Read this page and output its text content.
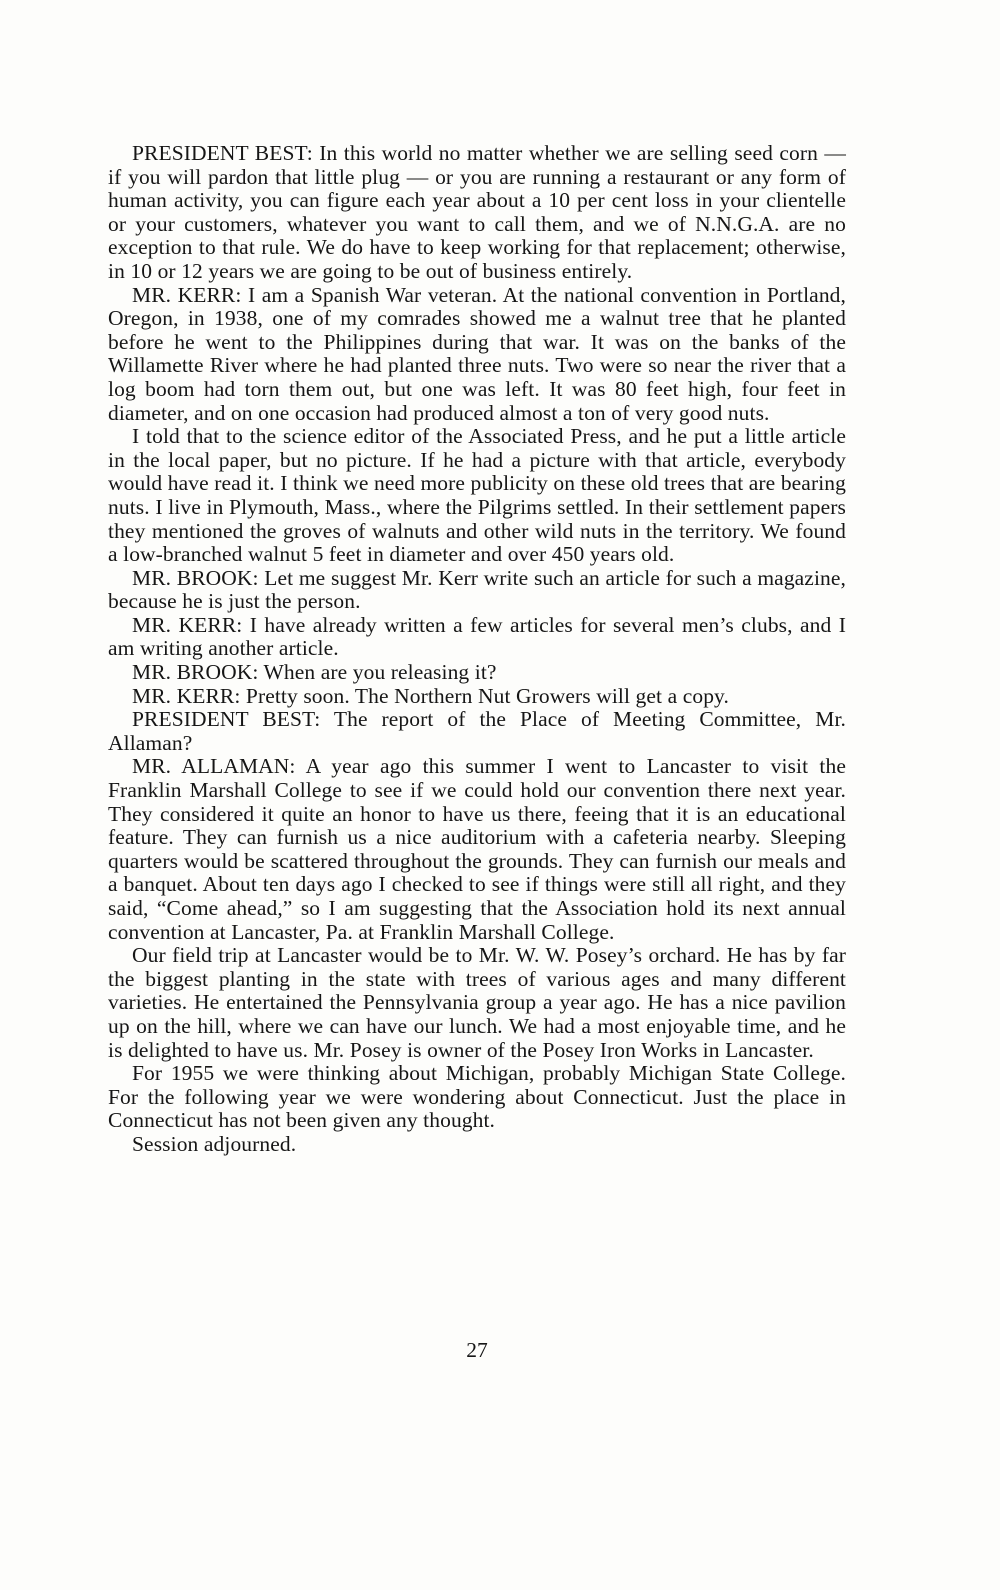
PRESIDENT BEST: In this world no matter whether we are selling seed corn — if you will pardon that little plug — or you are running a restaurant or any form of human activity, you can figure each year about a 10 per cent loss in your clientelle or your customers, whatever you want to call them, and we of N.N.G.A. are no exception to that rule. We do have to keep working for that replacement; otherwise, in 10 or 12 years we are going to be out of business entirely.

MR. KERR: I am a Spanish War veteran. At the national convention in Portland, Oregon, in 1938, one of my comrades showed me a walnut tree that he planted before he went to the Philippines during that war. It was on the banks of the Willamette River where he had planted three nuts. Two were so near the river that a log boom had torn them out, but one was left. It was 80 feet high, four feet in diameter, and on one occasion had produced almost a ton of very good nuts.

I told that to the science editor of the Associated Press, and he put a little article in the local paper, but no picture. If he had a picture with that article, everybody would have read it. I think we need more publicity on these old trees that are bearing nuts. I live in Plymouth, Mass., where the Pilgrims settled. In their settlement papers they mentioned the groves of walnuts and other wild nuts in the territory. We found a low-branched walnut 5 feet in diameter and over 450 years old.

MR. BROOK: Let me suggest Mr. Kerr write such an article for such a magazine, because he is just the person.

MR. KERR: I have already written a few articles for several men’s clubs, and I am writing another article.

MR. BROOK: When are you releasing it?

MR. KERR: Pretty soon. The Northern Nut Growers will get a copy.

PRESIDENT BEST: The report of the Place of Meeting Committee, Mr. Allaman?

MR. ALLAMAN: A year ago this summer I went to Lancaster to visit the Franklin Marshall College to see if we could hold our convention there next year. They considered it quite an honor to have us there, feeing that it is an educational feature. They can furnish us a nice auditorium with a cafeteria nearby. Sleeping quarters would be scattered throughout the grounds. They can furnish our meals and a banquet. About ten days ago I checked to see if things were still all right, and they said, “Come ahead,” so I am suggesting that the Association hold its next annual convention at Lancaster, Pa. at Franklin Marshall College.

Our field trip at Lancaster would be to Mr. W. W. Posey’s orchard. He has by far the biggest planting in the state with trees of various ages and many different varieties. He entertained the Pennsylvania group a year ago. He has a nice pavilion up on the hill, where we can have our lunch. We had a most enjoyable time, and he is delighted to have us. Mr. Posey is owner of the Posey Iron Works in Lancaster.

For 1955 we were thinking about Michigan, probably Michigan State College. For the following year we were wondering about Connecticut. Just the place in Connecticut has not been given any thought.

Session adjourned.

27
